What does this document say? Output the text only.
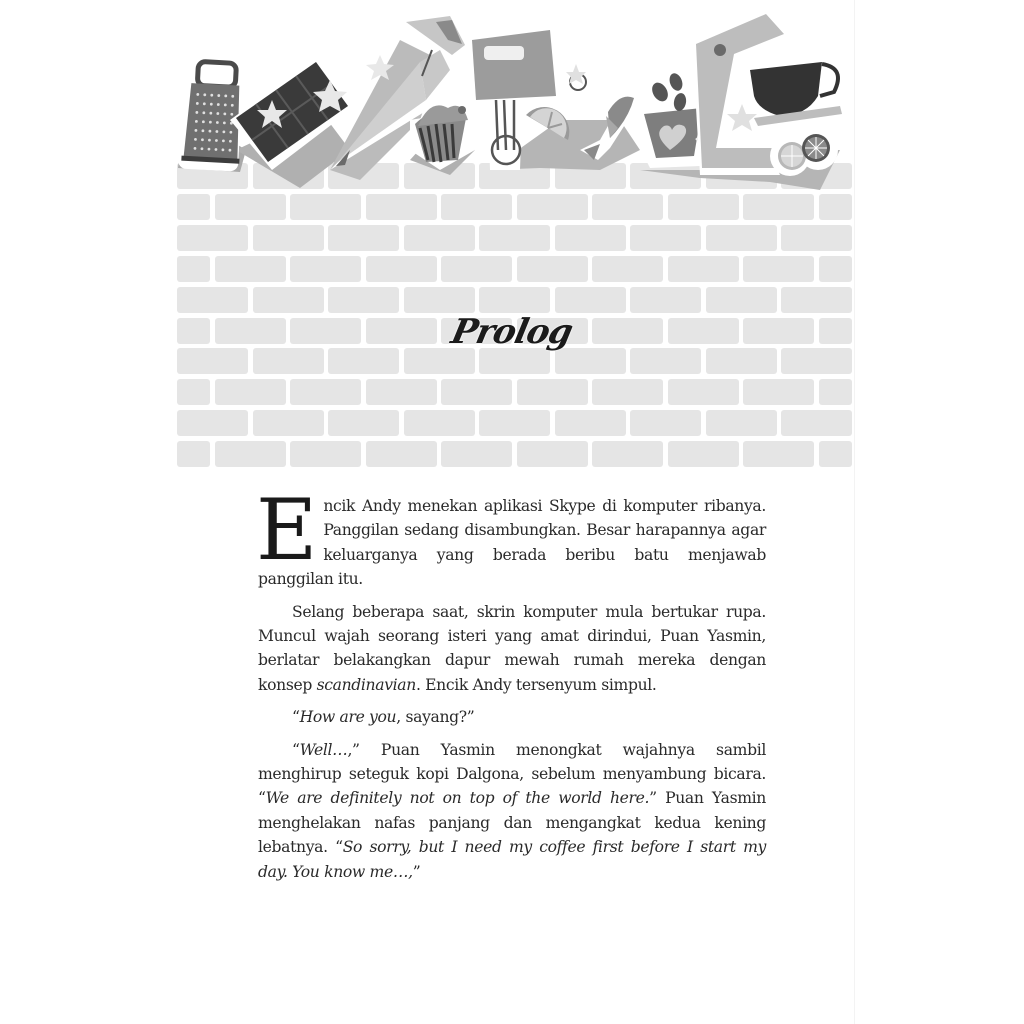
Prolog

Encik Andy menekan aplikasi Skype di komputer ribanya. Panggilan sedang disambungkan. Besar harapannya agar keluarganya yang berada beribu batu menjawab panggilan itu.

Selang beberapa saat, skrin komputer mula bertukar rupa. Muncul wajah seorang isteri yang amat dirindui, Puan Yasmin, berlatar belakangkan dapur mewah rumah mereka dengan konsep scandinavian. Encik Andy tersenyum simpul.

“How are you, sayang?”

“Well…,” Puan Yasmin menongkat wajahnya sambil menghirup seteguk kopi Dalgona, sebelum menyambung bicara. “We are definitely not on top of the world here.” Puan Yasmin menghelakan nafas panjang dan mengangkat kedua kening lebatnya. “So sorry, but I need my coffee first before I start my day. You know me…,”
